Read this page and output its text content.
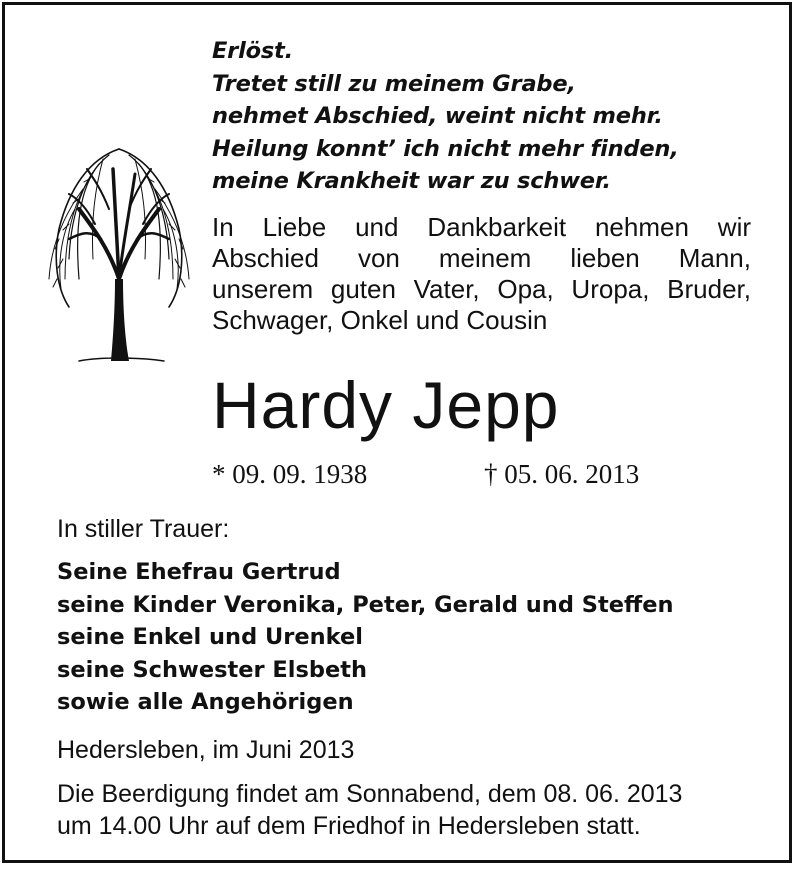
Erlöst.
Tretet still zu meinem Grabe,
nehmet Abschied, weint nicht mehr.
Heilung konnt’ ich nicht mehr finden,
meine Krankheit war zu schwer.
In Liebe und Dankbarkeit nehmen wir
Abschied von meinem lieben Mann,
unserem guten Vater, Opa, Uropa, Bruder,
Schwager, Onkel und Cousin
Hardy Jepp
* 09. 09. 1938	† 05. 06. 2013
In stiller Trauer:
Seine Ehefrau Gertrud
seine Kinder Veronika, Peter, Gerald und Steffen
seine Enkel und Urenkel
seine Schwester Elsbeth
sowie alle Angehörigen
Hedersleben, im Juni 2013
Die Beerdigung findet am Sonnabend, dem 08. 06. 2013
um 14.00 Uhr auf dem Friedhof in Hedersleben statt.
